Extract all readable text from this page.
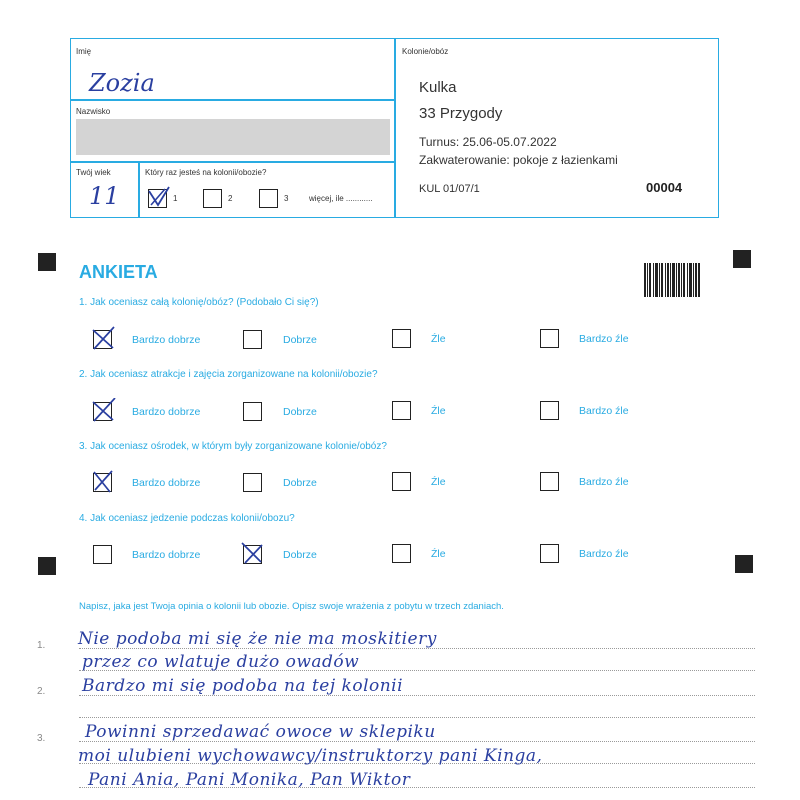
Imię
Zozia
Nazwisko
Twój wiek
11
Który raz jesteś na kolonii/obozie?
1	2	3	więcej, ile ............
Kolonie/obóz
Kulka
33 Przygody
Turnus: 25.06-05.07.2022
Zakwaterowanie: pokoje z łazienkami
KUL 01/07/1	00004
ANKIETA
1. Jak oceniasz całą kolonię/obóz? (Podobało Ci się?)
Bardzo dobrze	Dobrze	Źle	Bardzo źle
2. Jak oceniasz atrakcje i zajęcia zorganizowane na kolonii/obozie?
Bardzo dobrze	Dobrze	Źle	Bardzo źle
3. Jak oceniasz ośrodek, w którym były zorganizowane kolonie/obóz?
Bardzo dobrze	Dobrze	Źle	Bardzo źle
4. Jak oceniasz jedzenie podczas kolonii/obozu?
Bardzo dobrze	Dobrze	Źle	Bardzo źle
Napisz, jaka jest Twoja opinia o kolonii lub obozie. Opisz swoje wrażenia z pobytu w trzech zdaniach.
1.
2.
3.
Nie podoba mi się że nie ma moskitiery
przez co wlatuje dużo owadów
Bardzo mi się podoba na tej kolonii
Powinni sprzedawać owoce w sklepiku
moi ulubieni wychowawcy/instruktorzy pani Kinga,
Pani Ania, Pani Monika, Pan Wiktor
